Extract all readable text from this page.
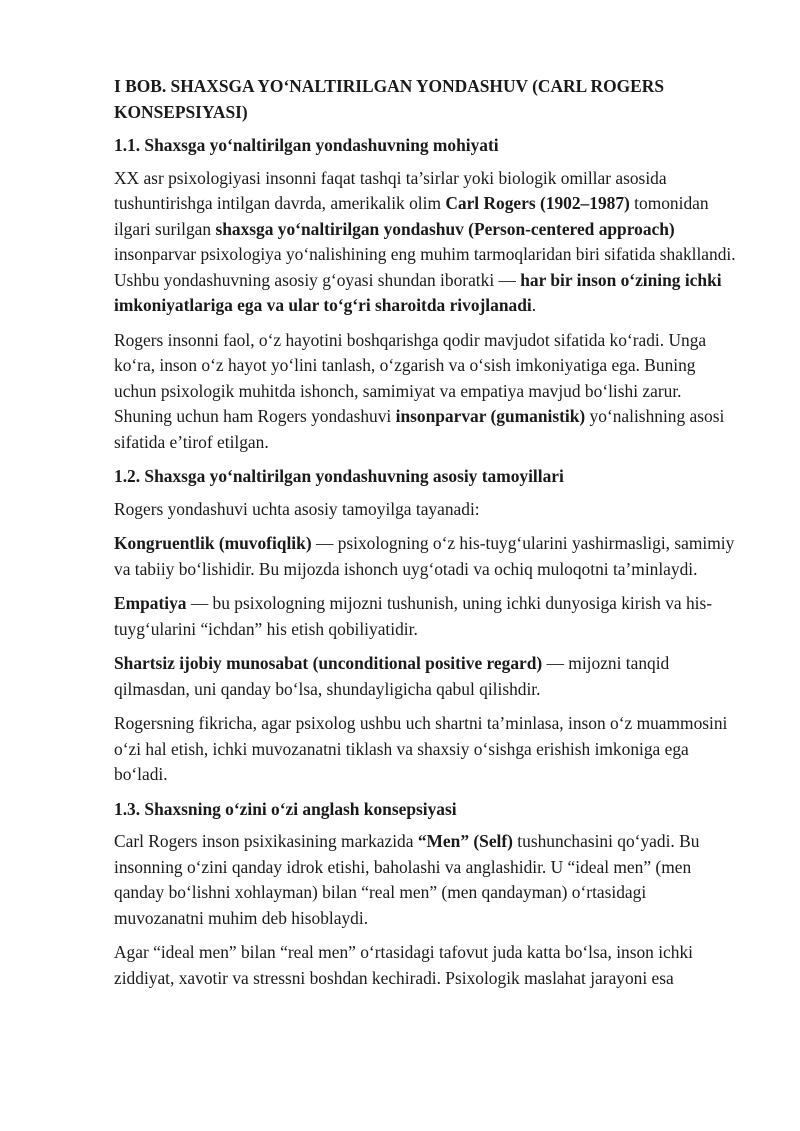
I BOB. SHAXSGA YO‘NALTIRILGAN YONDASHUV (CARL ROGERS
KONSEPSIYASI)
1.1. Shaxsga yo‘naltirilgan yondashuvning mohiyati

XX asr psixologiyasi insonni faqat tashqi ta’sirlar yoki biologik omillar asosida tushuntirishga intilgan davrda, amerikalik olim Carl Rogers (1902–1987) tomonidan ilgari surilgan shaxsga yo‘naltirilgan yondashuv (Person-centered approach) insonparvar psixologiya yo‘nalishining eng muhim tarmoqlaridan biri sifatida shakllandi. Ushbu yondashuvning asosiy g‘oyasi shundan iboratki — har bir inson o‘zining ichki imkoniyatlariga ega va ular to‘g‘ri sharoitda rivojlanadi.

Rogers insonni faol, o‘z hayotini boshqarishga qodir mavjudot sifatida ko‘radi. Unga ko‘ra, inson o‘z hayot yo‘lini tanlash, o‘zgarish va o‘sish imkoniyatiga ega. Buning uchun psixologik muhitda ishonch, samimiyat va empatiya mavjud bo‘lishi zarur. Shuning uchun ham Rogers yondashuvi insonparvar (gumanistik) yo‘nalishning asosi sifatida e’tirof etilgan.

1.2. Shaxsga yo‘naltirilgan yondashuvning asosiy tamoyillari

Rogers yondashuvi uchta asosiy tamoyilga tayanadi:

Kongruentlik (muvofiqlik) — psixologning o‘z his-tuyg‘ularini yashirmasligi, samimiy va tabiiy bo‘lishidir. Bu mijozda ishonch uyg‘otadi va ochiq muloqotni ta’minlaydi.

Empatiya — bu psixologning mijozni tushunish, uning ichki dunyosiga kirish va his-tuyg‘ularini “ichdan” his etish qobiliyatidir.

Shartsiz ijobiy munosabat (unconditional positive regard) — mijozni tanqid qilmasdan, uni qanday bo‘lsa, shundayligicha qabul qilishdir.

Rogersning fikricha, agar psixolog ushbu uch shartni ta’minlasa, inson o‘z muammosini o‘zi hal etish, ichki muvozanatni tiklash va shaxsiy o‘sishga erishish imkoniga ega bo‘ladi.

1.3. Shaxsning o‘zini o‘zi anglash konsepsiyasi

Carl Rogers inson psixikasining markazida “Men” (Self) tushunchasini qo‘yadi. Bu insonning o‘zini qanday idrok etishi, baholashi va anglashidir. U “ideal men” (men qanday bo‘lishni xohlayman) bilan “real men” (men qandayman) o‘rtasidagi muvozanatni muhim deb hisoblaydi.

Agar “ideal men” bilan “real men” o‘rtasidagi tafovut juda katta bo‘lsa, inson ichki ziddiyat, xavotir va stressni boshdan kechiradi. Psixologik maslahat jarayoni esa
